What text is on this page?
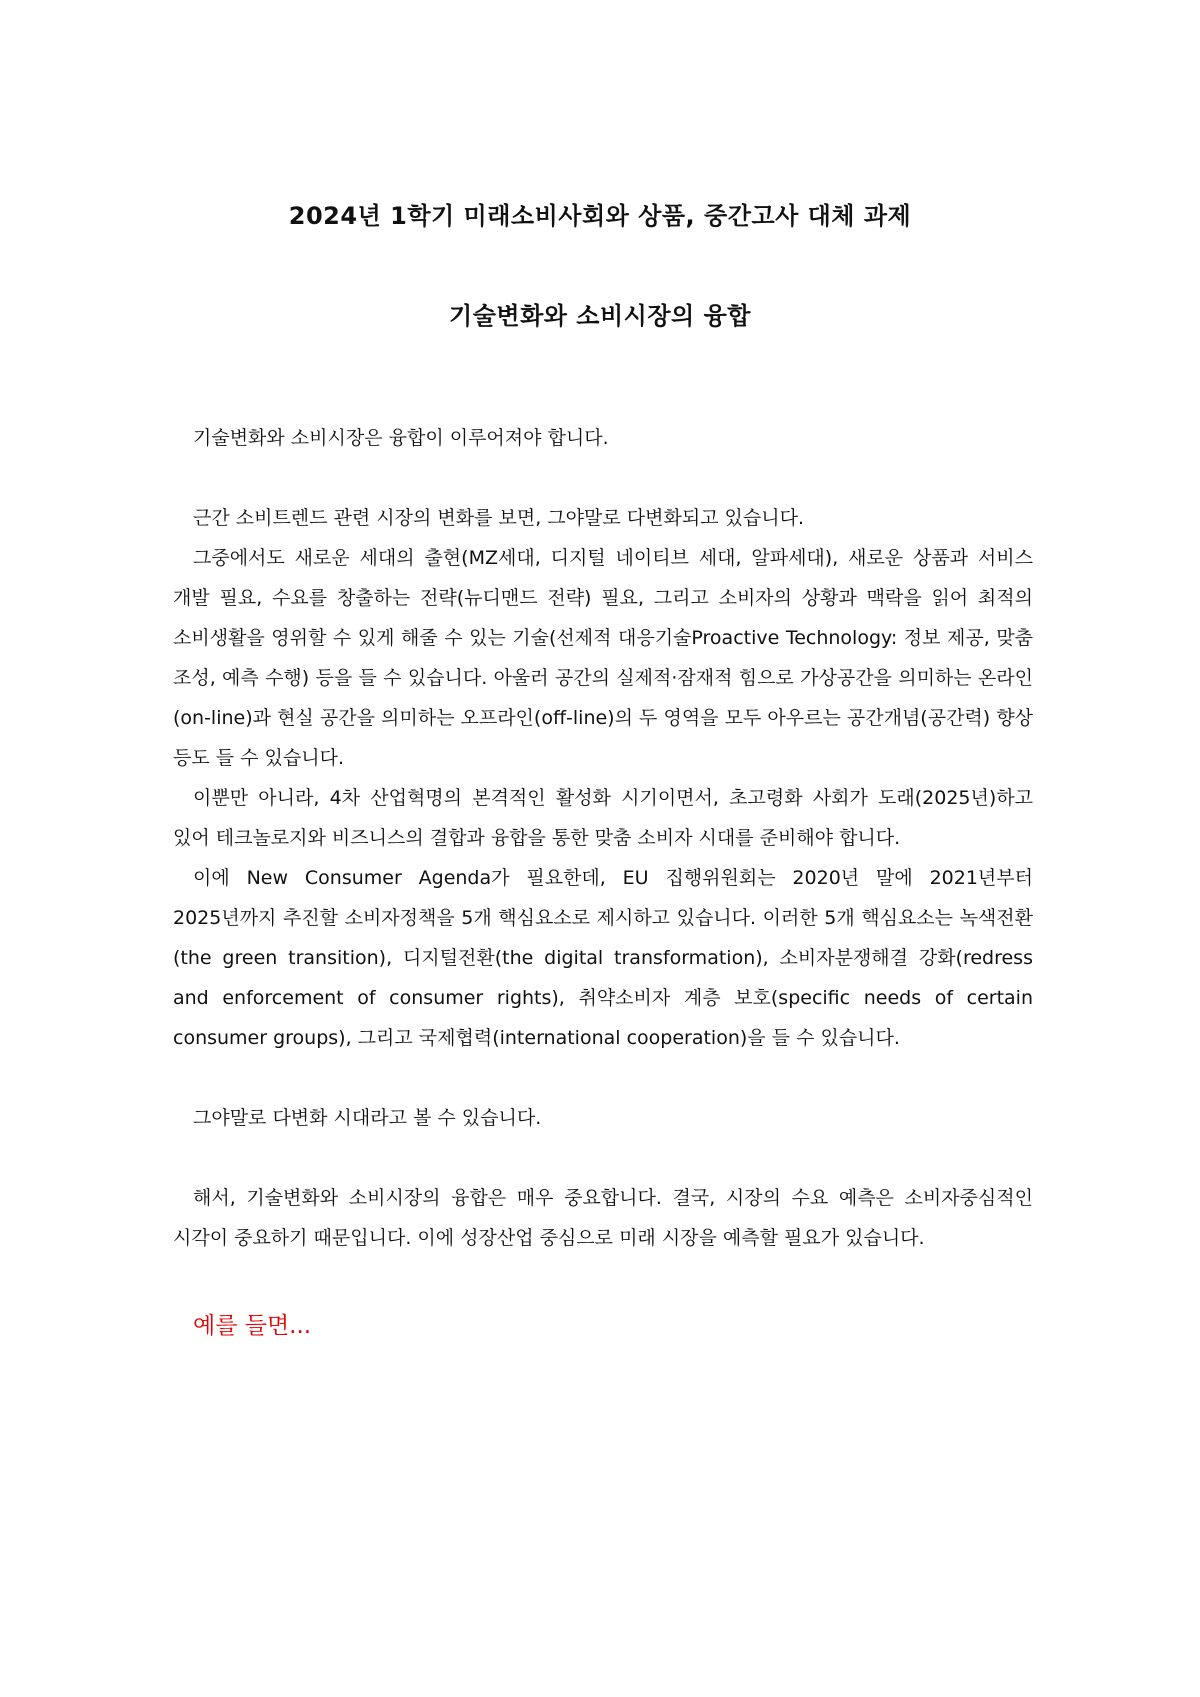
2024년 1학기 미래소비사회와 상품, 중간고사 대체 과제
기술변화와 소비시장의 융합

기술변화와 소비시장은 융합이 이루어져야 합니다.

근간 소비트렌드 관련 시장의 변화를 보면, 그야말로 다변화되고 있습니다.

그중에서도 새로운 세대의 출현(MZ세대, 디지털 네이티브 세대, 알파세대), 새로운 상품과 서비스 개발 필요, 수요를 창출하는 전략(뉴디맨드 전략) 필요, 그리고 소비자의 상황과 맥락을 읽어 최적의 소비생활을 영위할 수 있게 해줄 수 있는 기술(선제적 대응기술Proactive Technology: 정보 제공, 맞춤 조성, 예측 수행) 등을 들 수 있습니다. 아울러 공간의 실제적·잠재적 힘으로 가상공간을 의미하는 온라인(on-line)과 현실 공간을 의미하는 오프라인(off-line)의 두 영역을 모두 아우르는 공간개념(공간력) 향상 등도 들 수 있습니다.

이뿐만 아니라, 4차 산업혁명의 본격적인 활성화 시기이면서, 초고령화 사회가 도래(2025년)하고 있어 테크놀로지와 비즈니스의 결합과 융합을 통한 맞춤 소비자 시대를 준비해야 합니다.

이에 New Consumer Agenda가 필요한데, EU 집행위원회는 2020년 말에 2021년부터 2025년까지 추진할 소비자정책을 5개 핵심요소로 제시하고 있습니다. 이러한 5개 핵심요소는 녹색전환(the green transition), 디지털전환(the digital transformation), 소비자분쟁해결 강화(redress and enforcement of consumer rights), 취약소비자 계층 보호(specific needs of certain consumer groups), 그리고 국제협력(international cooperation)을 들 수 있습니다.

그야말로 다변화 시대라고 볼 수 있습니다.

해서, 기술변화와 소비시장의 융합은 매우 중요합니다. 결국, 시장의 수요 예측은 소비자중심적인 시각이 중요하기 때문입니다. 이에 성장산업 중심으로 미래 시장을 예측할 필요가 있습니다.

예를 들면...
